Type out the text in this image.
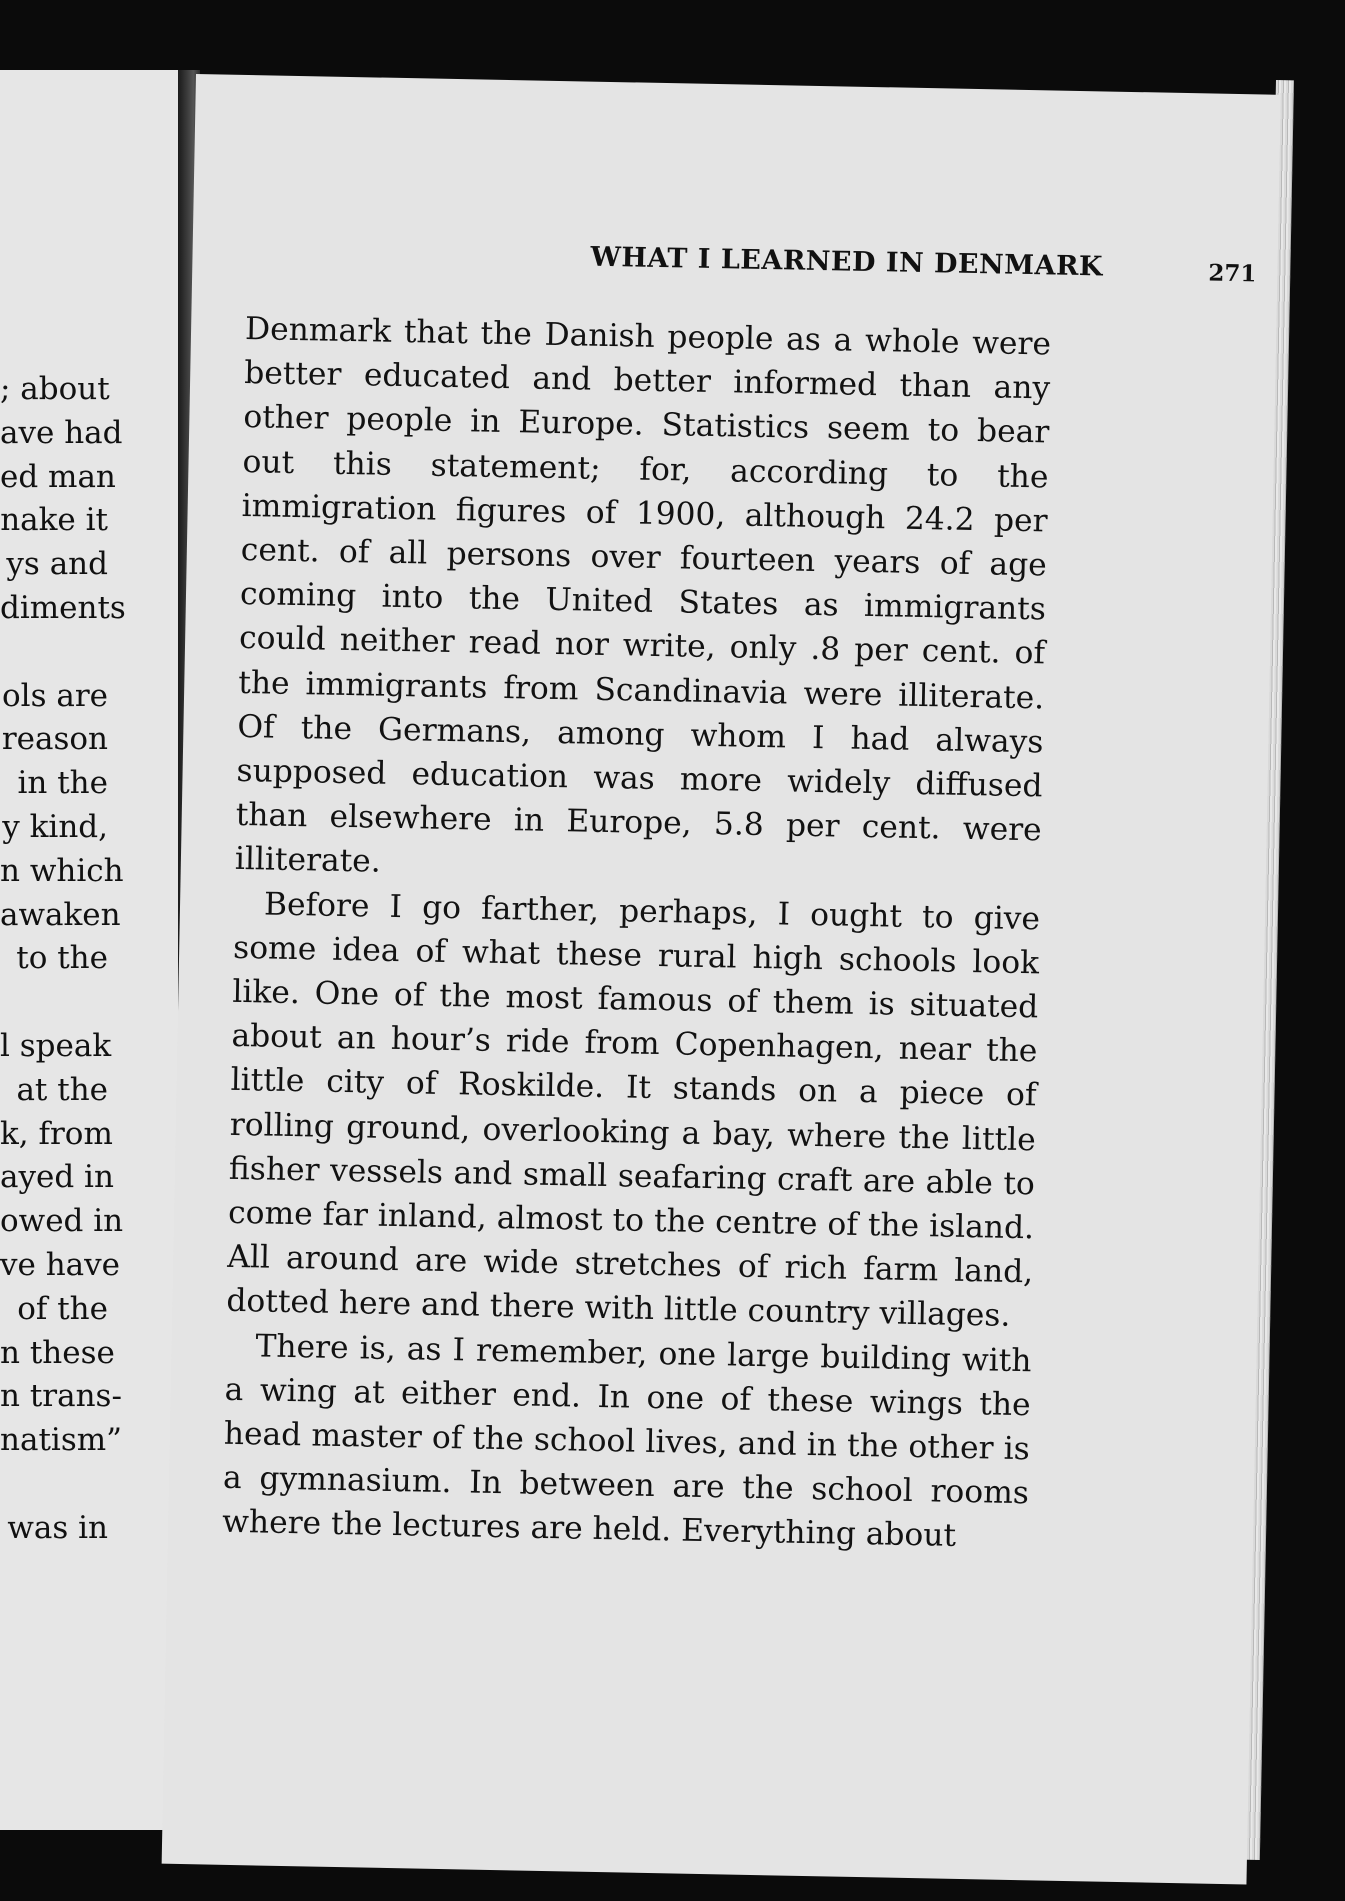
; about
ave had
ed man
nake it
ys and
diments
ols are
reason
in the
y kind,
n which
awaken
to the
l speak
at the
k, from
ayed in
owed in
ve have
of the
n these
n trans-
natism”
was in
WHAT I LEARNED IN DENMARK	271

Denmark that the Danish people as a whole were better educated and better informed than any other people in Europe. Statistics seem to bear out this statement; for, according to the immigration figures of 1900, although 24.2 per cent. of all persons over fourteen years of age coming into the United States as immigrants could neither read nor write, only .8 per cent. of the immigrants from Scandinavia were illiterate. Of the Germans, among whom I had always supposed education was more widely diffused than elsewhere in Europe, 5.8 per cent. were illiterate.

Before I go farther, perhaps, I ought to give some idea of what these rural high schools look like. One of the most famous of them is situated about an hour’s ride from Copenhagen, near the little city of Roskilde. It stands on a piece of rolling ground, overlooking a bay, where the little fisher vessels and small seafaring craft are able to come far inland, almost to the centre of the island. All around are wide stretches of rich farm land, dotted here and there with little country villages.

There is, as I remember, one large building with a wing at either end. In one of these wings the head master of the school lives, and in the other is a gymnasium. In between are the school rooms where the lectures are held. Everything about
